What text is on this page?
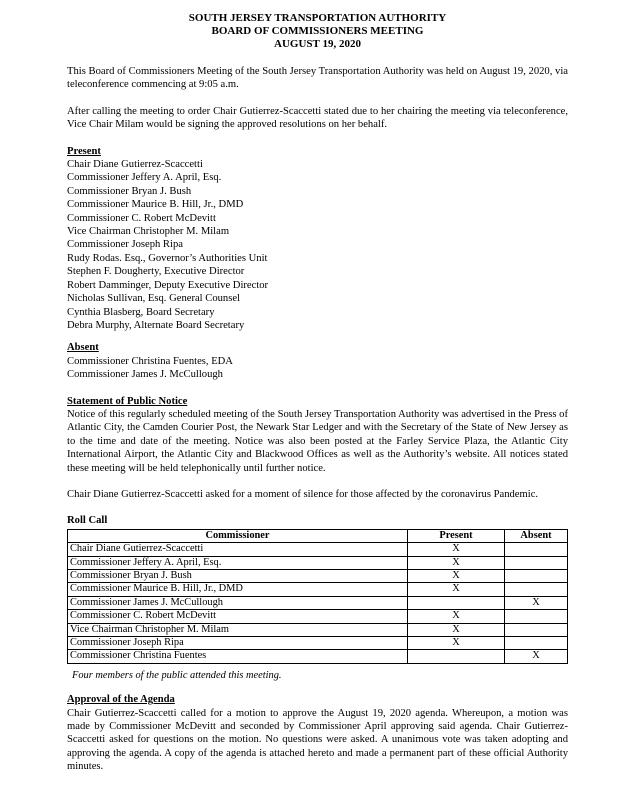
SOUTH JERSEY TRANSPORTATION AUTHORITY
BOARD OF COMMISSIONERS MEETING
AUGUST 19, 2020

This Board of Commissioners Meeting of the South Jersey Transportation Authority was held on August 19, 2020, via teleconference commencing at 9:05 a.m.

After calling the meeting to order Chair Gutierrez-Scaccetti stated due to her chairing the meeting via teleconference, Vice Chair Milam would be signing the approved resolutions on her behalf.

Present
Chair Diane Gutierrez-Scaccetti
Commissioner Jeffery A. April, Esq.
Commissioner Bryan J. Bush
Commissioner Maurice B. Hill, Jr., DMD
Commissioner C. Robert McDevitt
Vice Chairman Christopher M. Milam
Commissioner Joseph Ripa
Rudy Rodas. Esq., Governor’s Authorities Unit
Stephen F. Dougherty, Executive Director
Robert Damminger, Deputy Executive Director
Nicholas Sullivan, Esq. General Counsel
Cynthia Blasberg, Board Secretary
Debra Murphy, Alternate Board Secretary
Absent
Commissioner Christina Fuentes, EDA
Commissioner James J. McCullough
Statement of Public Notice

Notice of this regularly scheduled meeting of the South Jersey Transportation Authority was advertised in the Press of Atlantic City, the Camden Courier Post, the Newark Star Ledger and with the Secretary of the State of New Jersey as to the time and date of the meeting. Notice was also been posted at the Farley Service Plaza, the Atlantic City International Airport, the Atlantic City and Blackwood Offices as well as the Authority’s website. All notices stated these meeting will be held telephonically until further notice.

Chair Diane Gutierrez-Scaccetti asked for a moment of silence for those affected by the coronavirus Pandemic.

Roll Call
Commissioner	Present	Absent
Chair Diane Gutierrez-Scaccetti	X	
Commissioner Jeffery A. April, Esq.	X	
Commissioner Bryan J. Bush	X	
Commissioner Maurice B. Hill, Jr., DMD	X	
Commissioner James J. McCullough		X
Commissioner C. Robert McDevitt	X	
Vice Chairman Christopher M. Milam	X	
Commissioner Joseph Ripa	X	
Commissioner Christina Fuentes		X
Four members of the public attended this meeting.
Approval of the Agenda

Chair Gutierrez-Scaccetti called for a motion to approve the August 19, 2020 agenda. Whereupon, a motion was made by Commissioner McDevitt and seconded by Commissioner April approving said agenda. Chair Gutierrez-Scaccetti asked for questions on the motion. No questions were asked. A unanimous vote was taken adopting and approving the agenda. A copy of the agenda is attached hereto and made a permanent part of these official Authority minutes.
